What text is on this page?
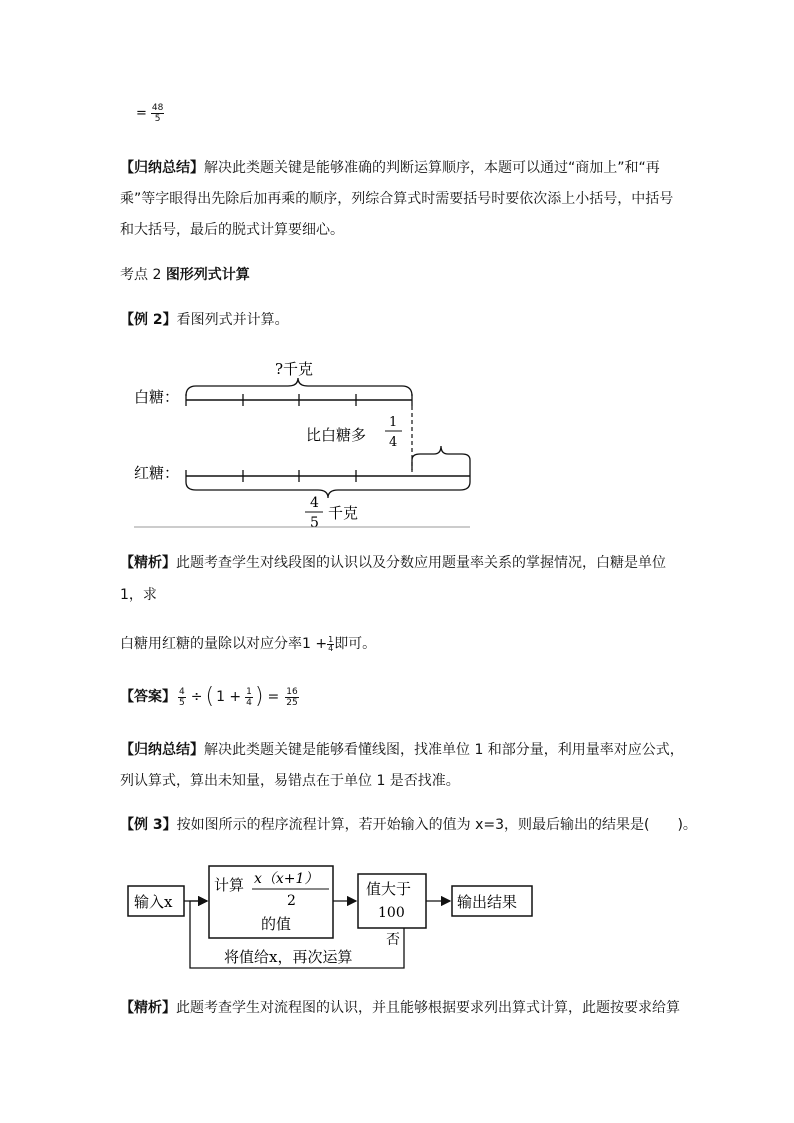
= $\frac{48}{5}$
【归纳总结】解决此类题关键是能够准确的判断运算顺序，本题可以通过“商加上”和“再
乘”等字眼得出先除后加再乘的顺序，列综合算式时需要括号时要依次添上小括号，中括号
和大括号，最后的脱式计算要细心。
考点 2 图形列式计算
【例 2】看图列式并计算。
?千克
白糖：
比白糖多
1
4
红糖：
4
5
千克
【精析】此题考查学生对线段图的认识以及分数应用题量率关系的掌握情况，白糖是单位
1，求
白糖用红糖的量除以对应分率$1 + \frac{1}{4}$ 即可。
【答案】 $\frac{4}{5}$ ÷ ( $1 + \frac{1}{4}$ ) = $\frac{16}{25}$
【归纳总结】解决此类题关键是能够看懂线图，找准单位 1 和部分量，利用量率对应公式，
列认算式，算出未知量，易错点在于单位 1 是否找准。
【例 3】按如图所示的程序流程计算，若开始输入的值为 x=3，则最后输出的结果是(　　)。
输入x
计算 x（x+1）
2
的值
值大于
100
输出结果
否
将值给x，再次运算
【精析】此题考查学生对流程图的认识，并且能够根据要求列出算式计算，此题按要求给算
